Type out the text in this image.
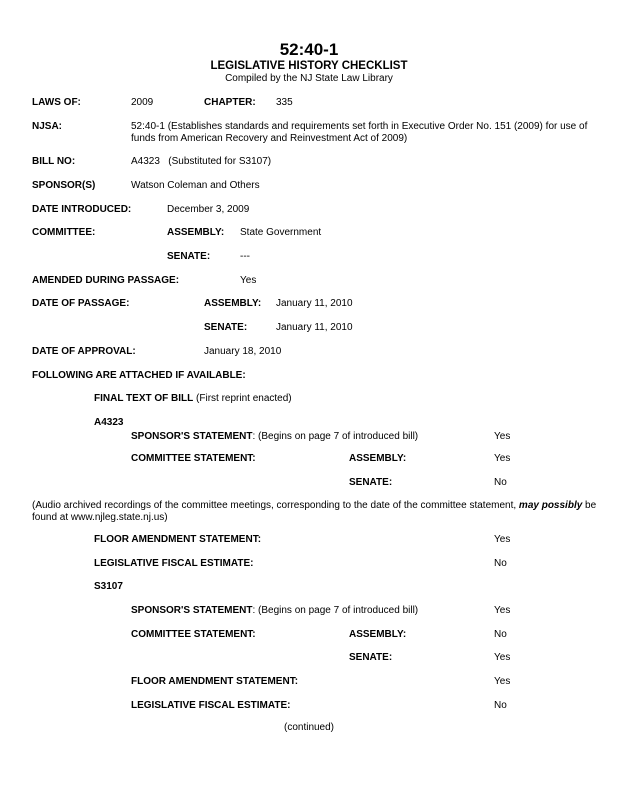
52:40-1
LEGISLATIVE HISTORY CHECKLIST
Compiled by the NJ State Law Library
LAWS OF:	2009	CHAPTER: 335
NJSA:	52:40-1 (Establishes standards and requirements set forth in Executive Order No. 151 (2009) for use of funds from American Recovery and Reinvestment Act of 2009)
BILL NO:	A4323   (Substituted for S3107)
SPONSOR(S)	Watson Coleman and Others
DATE INTRODUCED:	December 3, 2009
COMMITTEE:	ASSEMBLY: State Government
SENATE:	---
AMENDED DURING PASSAGE:	Yes
DATE OF PASSAGE:	ASSEMBLY: January 11, 2010
SENATE:	January 11, 2010
DATE OF APPROVAL:	January 18, 2010
FOLLOWING ARE ATTACHED IF AVAILABLE:
FINAL TEXT OF BILL (First reprint enacted)
A4323
SPONSOR'S STATEMENT: (Begins on page 7 of introduced bill)	Yes
COMMITTEE STATEMENT:	ASSEMBLY:	Yes
SENATE:	No
(Audio archived recordings of the committee meetings, corresponding to the date of the committee statement, may possibly be found at www.njleg.state.nj.us)
FLOOR AMENDMENT STATEMENT:	Yes
LEGISLATIVE FISCAL ESTIMATE:	No
S3107
SPONSOR'S STATEMENT: (Begins on page 7 of introduced bill)	Yes
COMMITTEE STATEMENT:	ASSEMBLY:	No
SENATE:	Yes
FLOOR AMENDMENT STATEMENT:	Yes
LEGISLATIVE FISCAL ESTIMATE:	No
(continued)
